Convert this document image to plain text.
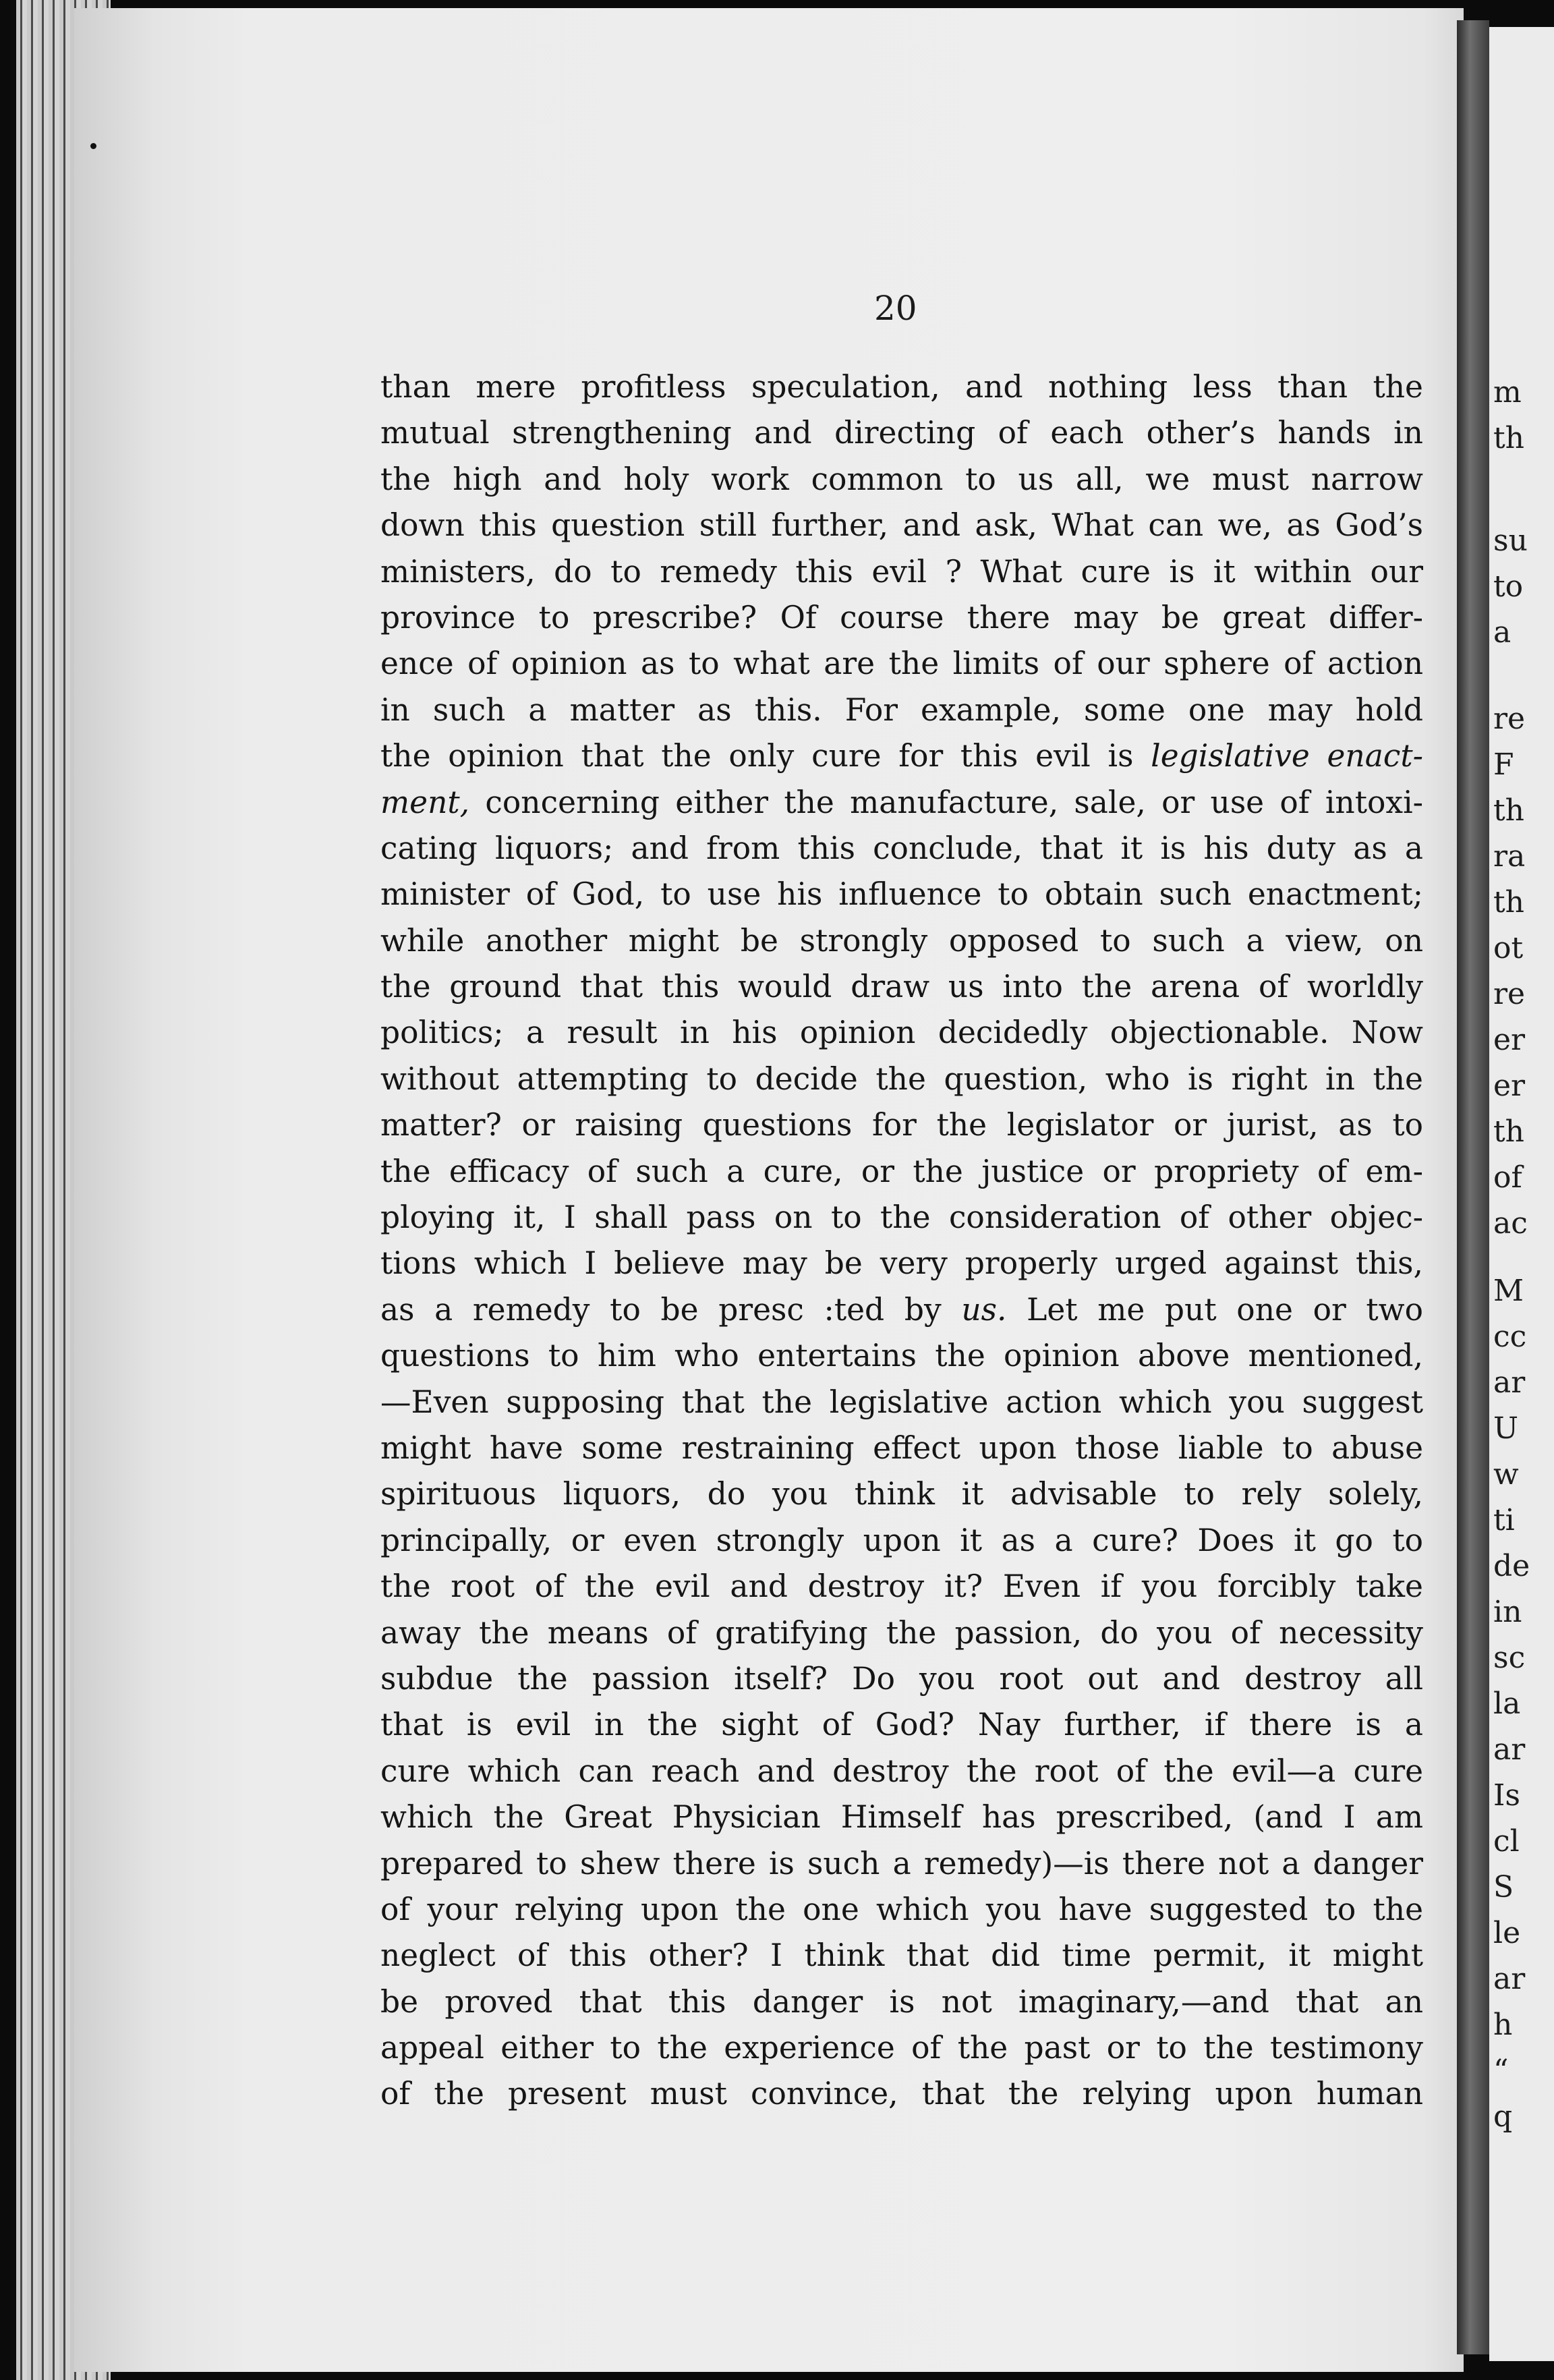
m
th
su
to
a
re
F
th
ra
th
ot
re
er
er
th
of
ac
M
cc
ar
U
w
ti
de
in
sc
la
ar
Is
cl
S
le
ar
h
“
q
20
than mere profitless speculation, and nothing less than the
mutual strengthening and directing of each other’s hands in
the high and holy work common to us all, we must narrow
down this question still further, and ask, What can we, as God’s
ministers, do to remedy this evil ? What cure is it within our
province to prescribe? Of course there may be great differ-
ence of opinion as to what are the limits of our sphere of action
in such a matter as this. For example, some one may hold
the opinion that the only cure for this evil is legislative enact-
ment, concerning either the manufacture, sale, or use of intoxi-
cating liquors; and from this conclude, that it is his duty as a
minister of God, to use his influence to obtain such enactment;
while another might be strongly opposed to such a view, on
the ground that this would draw us into the arena of worldly
politics; a result in his opinion decidedly objectionable. Now
without attempting to decide the question, who is right in the
matter? or raising questions for the legislator or jurist, as to
the efficacy of such a cure, or the justice or propriety of em-
ploying it, I shall pass on to the consideration of other objec-
tions which I believe may be very properly urged against this,
as a remedy to be presc :ted by us. Let me put one or two
questions to him who entertains the opinion above mentioned,
—Even supposing that the legislative action which you suggest
might have some restraining effect upon those liable to abuse
spirituous liquors, do you think it advisable to rely solely,
principally, or even strongly upon it as a cure? Does it go to
the root of the evil and destroy it? Even if you forcibly take
away the means of gratifying the passion, do you of necessity
subdue the passion itself? Do you root out and destroy all
that is evil in the sight of God? Nay further, if there is a
cure which can reach and destroy the root of the evil—a cure
which the Great Physician Himself has prescribed, (and I am
prepared to shew there is such a remedy)—is there not a danger
of your relying upon the one which you have suggested to the
neglect of this other? I think that did time permit, it might
be proved that this danger is not imaginary,—and that an
appeal either to the experience of the past or to the testimony
of the present must convince, that the relying upon human
